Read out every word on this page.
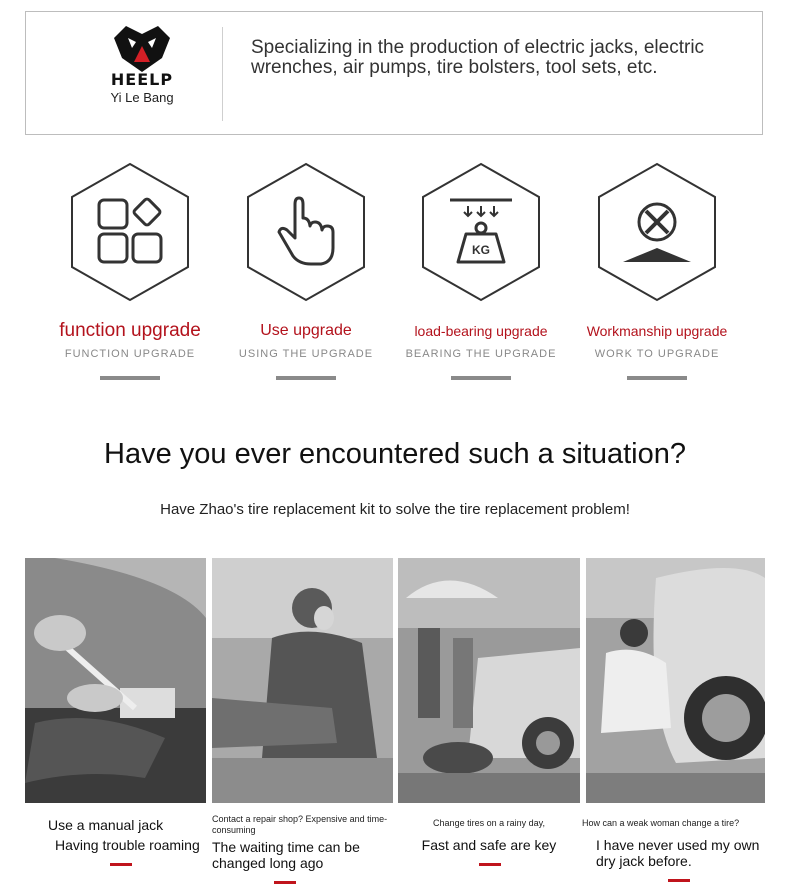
HEELP
Yi Le Bang
Specializing in the production of electric jacks, electric wrenches, air pumps, tire bolsters, tool sets, etc.
function upgrade
FUNCTION UPGRADE
Use upgrade
USING THE UPGRADE
KG
load-bearing upgrade
BEARING THE UPGRADE
Workmanship upgrade
WORK TO UPGRADE
Have you ever encountered such a situation?
Have Zhao's tire replacement kit to solve the tire replacement problem!
Use a manual jack
Having trouble roaming
Contact a repair shop? Expensive and time-consuming
The waiting time can be changed long ago
Change tires on a rainy day,
Fast and safe are key
How can a weak woman change a tire?
I have never used my own dry jack before.
